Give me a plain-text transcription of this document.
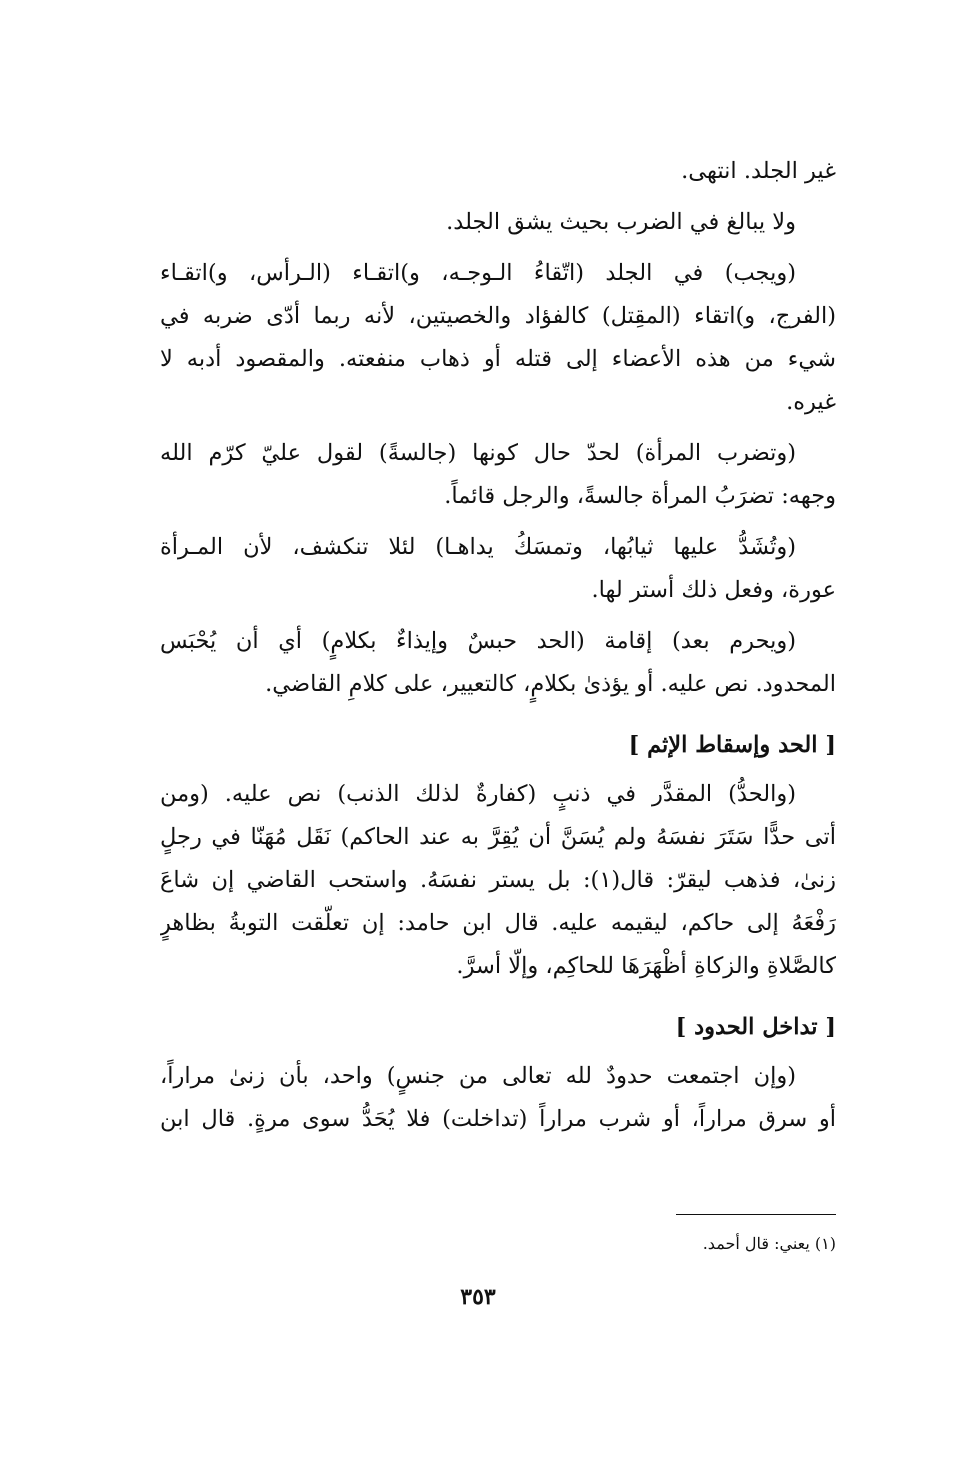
غير الجلد. انتهى.
ولا يبالغ في الضرب بحيث يشق الجلد.
(ويجب) في الجلد (اتّقاءُ الـوجـه، و)اتقـاء (الـرأس، و)اتقـاء
(الفرج، و)اتقاء (المقِتل) كالفؤاد والخصيتين، لأنه ربما أدّى ضربه في
شيء من هذه الأعضاء إلى قتله أو ذهاب منفعته. والمقصود أدبه لا
غيره.
(وتضرب المرأة) لحدّ حال كونها (جالسةً) لقول عليّ كرّم الله
وجهه: تضرَبُ المرأة جالسةً، والرجل قائماً.
(وتُشَدُّ عليها ثيابُها، وتمسَكُ يداهـا) لئلا تنكشف، لأن المـرأة
عورة، وفعل ذلك أستر لها.
(ويحرم بعد) إقامة (الحد حبسٌ وإيذاءٌ بكلامٍ) أي أن يُحْبَس
المحدود. نص عليه. أو يؤذىٰ بكلامٍ، كالتعيير، على كلامِ القاضي.
[ الحد وإسقاط الإثم ]
(والحدُّ) المقدَّر في ذنبٍ (كفارةٌ لذلك الذنب) نص عليه. (ومن
أتى حدًّا سَتَرَ نفسَهُ ولم يُسَنَّ أن يُقِرَّ به عند الحاكم) نَقَل مُهَنّا في رجلٍ
زنىٰ، فذهب ليقرّ: قال(١): بل يستر نفسَهُ. واستحب القاضي إن شاعَ
رَفْعَهُ إلى حاكم، ليقيمه عليه. قال ابن حامد: إن تعلّقت التوبةُ بظاهرٍ
كالصَّلاةِ والزكاةِ أظْهَرَهَا للحاكِم، وإلّا أسرَّ.
[ تداخل الحدود ]
(وإن اجتمعت حدودٌ لله تعالى من جنسٍ) واحد، بأن زنىٰ مراراً،
أو سرق مراراً، أو شرب مراراً (تداخلت) فلا يُحَدُّ سوى مرةٍ. قال ابن
(١) يعني: قال أحمد.
٣٥٣
